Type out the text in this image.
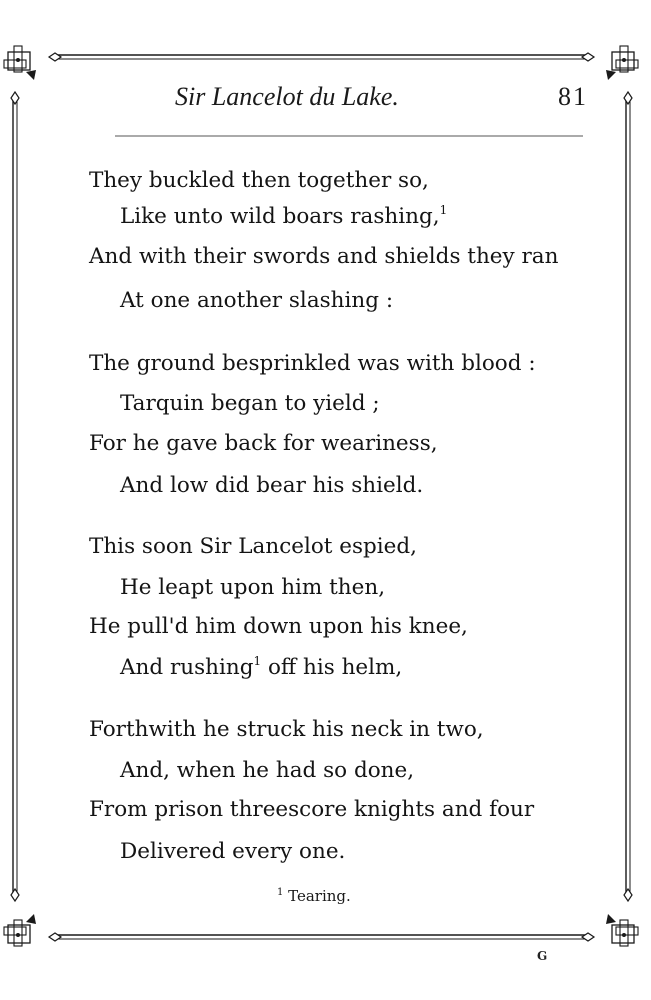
Sir Lancelot du Lake.	81
They buckled then together so,
Like unto wild boars rashing,$^1$
And with their swords and shields they ran
At one another slashing :
The ground besprinkled was with blood :
Tarquin began to yield ;
For he gave back for weariness,
And low did bear his shield.
This soon Sir Lancelot espied,
He leapt upon him then,
He pull'd him down upon his knee,
And rushing$^1$ off his helm,
Forthwith he struck his neck in two,
And, when he had so done,
From prison threescore knights and four
Delivered every one.
$^1$ Tearing.
G
